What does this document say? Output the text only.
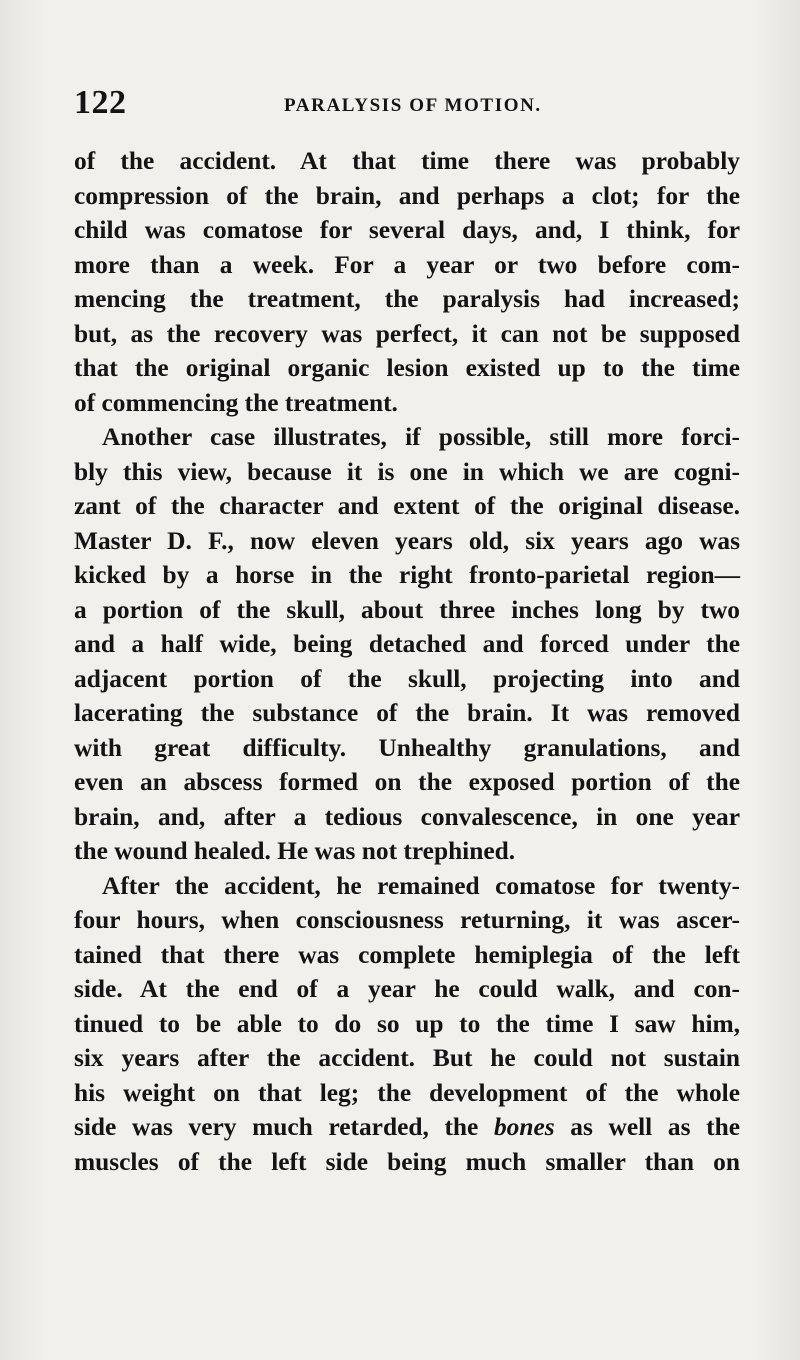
122	PARALYSIS OF MOTION.
of the accident. At that time there was probably
compression of the brain, and perhaps a clot; for the
child was comatose for several days, and, I think, for
more than a week. For a year or two before com-
mencing the treatment, the paralysis had increased;
but, as the recovery was perfect, it can not be supposed
that the original organic lesion existed up to the time
of commencing the treatment.
Another case illustrates, if possible, still more forci-
bly this view, because it is one in which we are cogni-
zant of the character and extent of the original disease.
Master D. F., now eleven years old, six years ago was
kicked by a horse in the right fronto-parietal region—
a portion of the skull, about three inches long by two
and a half wide, being detached and forced under the
adjacent portion of the skull, projecting into and
lacerating the substance of the brain. It was removed
with great difficulty. Unhealthy granulations, and
even an abscess formed on the exposed portion of the
brain, and, after a tedious convalescence, in one year
the wound healed. He was not trephined.
After the accident, he remained comatose for twenty-
four hours, when consciousness returning, it was ascer-
tained that there was complete hemiplegia of the left
side. At the end of a year he could walk, and con-
tinued to be able to do so up to the time I saw him,
six years after the accident. But he could not sustain
his weight on that leg; the development of the whole
side was very much retarded, the bones as well as the
muscles of the left side being much smaller than on
